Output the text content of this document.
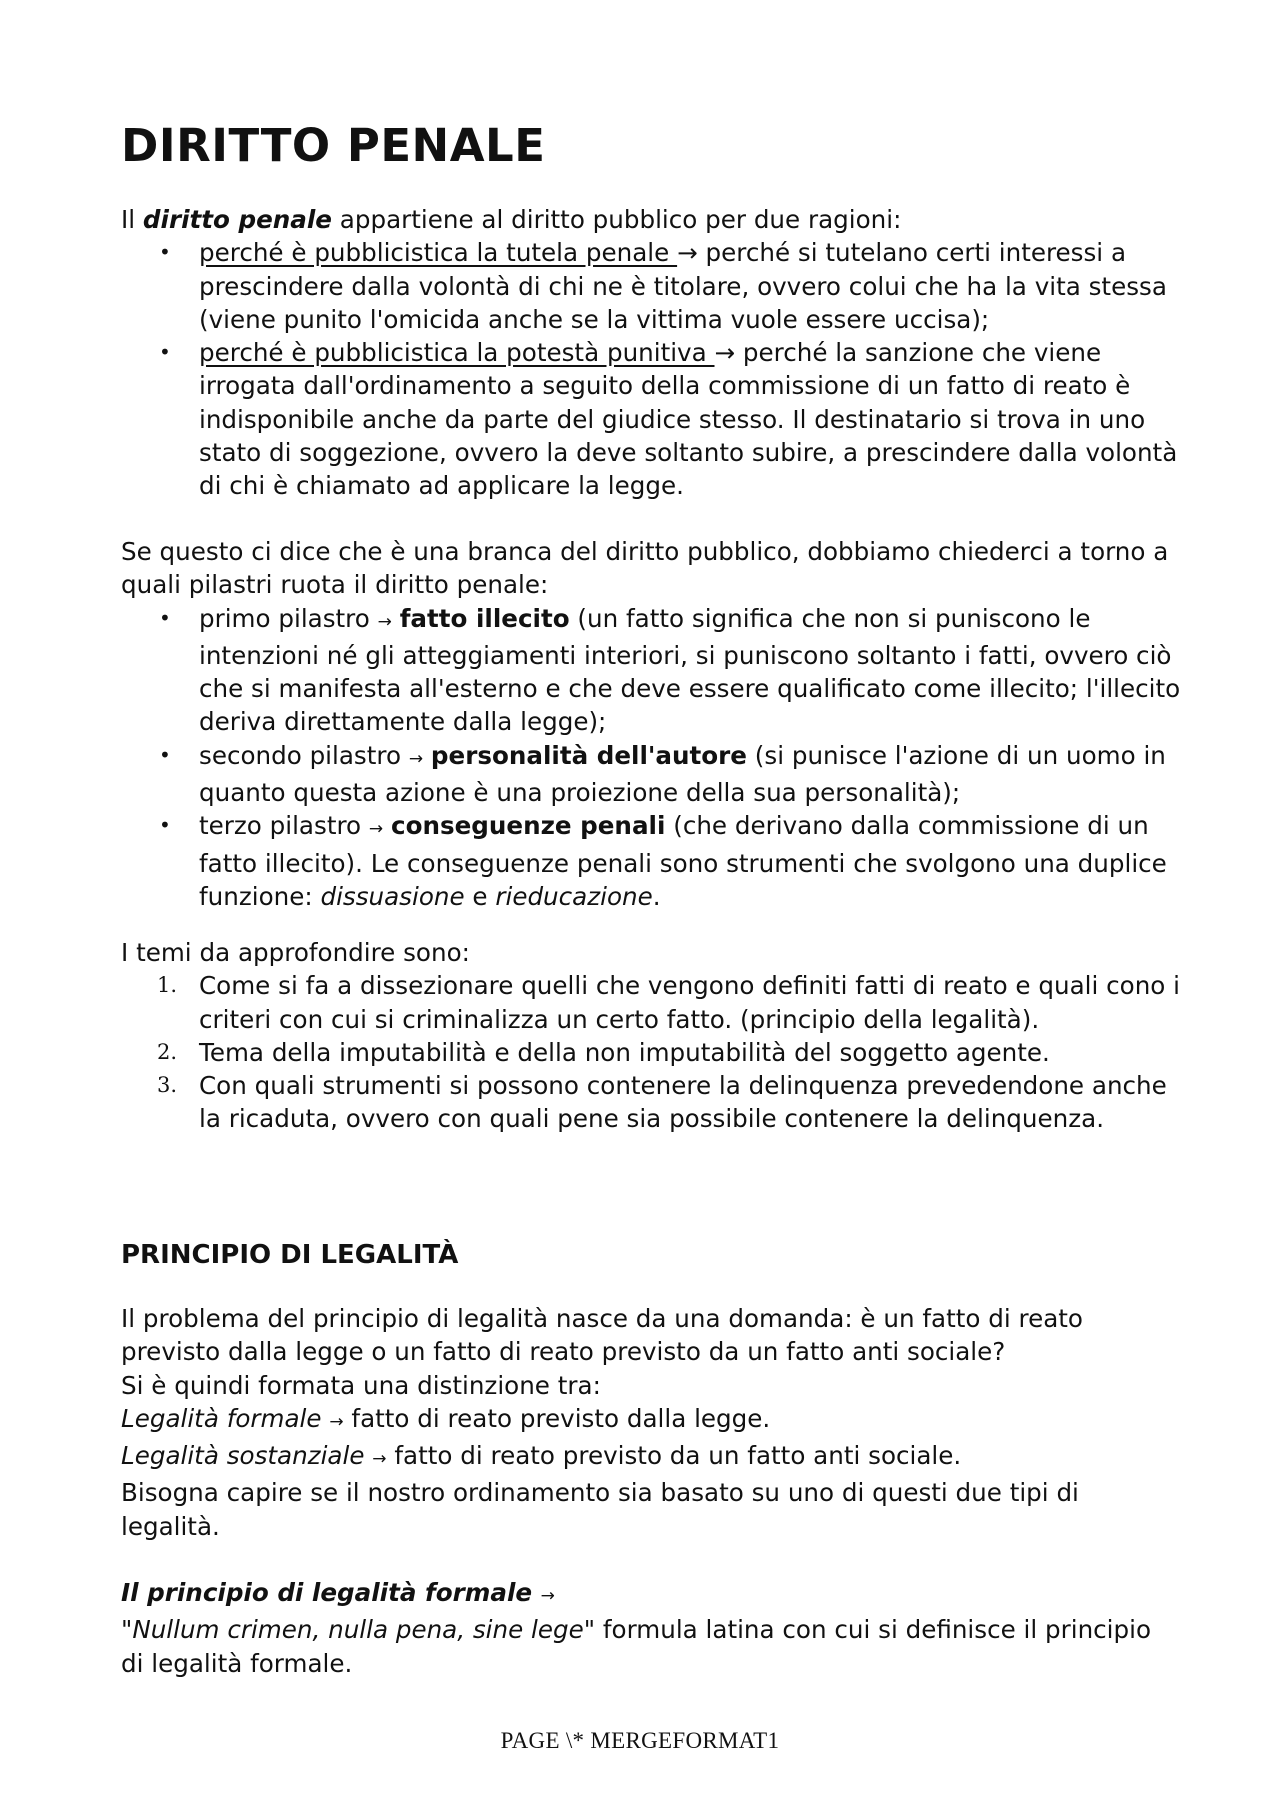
DIRITTO PENALE

Il diritto penale appartiene al diritto pubblico per due ragioni:

• perché è pubblicistica la tutela penale → perché si tutelano certi interessi a prescindere dalla volontà di chi ne è titolare, ovvero colui che ha la vita stessa (viene punito l'omicida anche se la vittima vuole essere uccisa);
• perché è pubblicistica la potestà punitiva → perché la sanzione che viene irrogata dall'ordinamento a seguito della commissione di un fatto di reato è indisponibile anche da parte del giudice stesso. Il destinatario si trova in uno stato di soggezione, ovvero la deve soltanto subire, a prescindere dalla volontà di chi è chiamato ad applicare la legge.

Se questo ci dice che è una branca del diritto pubblico, dobbiamo chiederci a torno a quali pilastri ruota il diritto penale:

• primo pilastro → fatto illecito (un fatto significa che non si puniscono le intenzioni né gli atteggiamenti interiori, si puniscono soltanto i fatti, ovvero ciò che si manifesta all'esterno e che deve essere qualificato come illecito; l'illecito deriva direttamente dalla legge);
• secondo pilastro → personalità dell'autore (si punisce l'azione di un uomo in quanto questa azione è una proiezione della sua personalità);
• terzo pilastro → conseguenze penali (che derivano dalla commissione di un fatto illecito). Le conseguenze penali sono strumenti che svolgono una duplice funzione: dissuasione e rieducazione.

I temi da approfondire sono:

1. Come si fa a dissezionare quelli che vengono definiti fatti di reato e quali cono i criteri con cui si criminalizza un certo fatto. (principio della legalità).
2. Tema della imputabilità e della non imputabilità del soggetto agente.
3. Con quali strumenti si possono contenere la delinquenza prevedendone anche la ricaduta, ovvero con quali pene sia possibile contenere la delinquenza.
PRINCIPIO DI LEGALITÀ

Il problema del principio di legalità nasce da una domanda: è un fatto di reato previsto dalla legge o un fatto di reato previsto da un fatto anti sociale?

Si è quindi formata una distinzione tra:

Legalità formale → fatto di reato previsto dalla legge.

Legalità sostanziale → fatto di reato previsto da un fatto anti sociale.

Bisogna capire se il nostro ordinamento sia basato su uno di questi due tipi di legalità.

Il principio di legalità formale →

"Nullum crimen, nulla pena, sine lege" formula latina con cui si definisce il principio di legalità formale.

PAGE \* MERGEFORMAT1
